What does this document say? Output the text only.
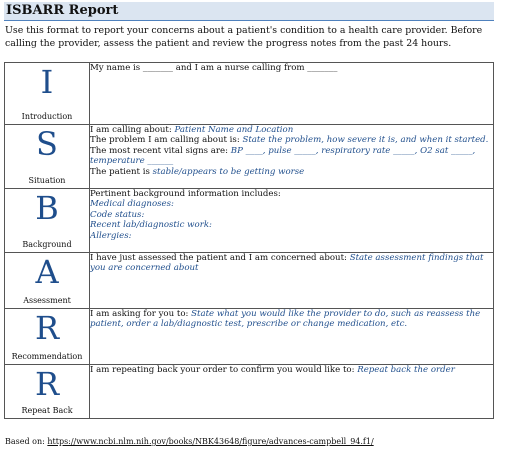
ISBARR Report
Use this format to report your concerns about a patient's condition to a health care provider. Before calling the provider, assess the patient and review the progress notes from the past 24 hours.
I
Introduction	My name is _______ and I am a nurse calling from _______

S
Situation	I am calling about: Patient Name and Location
The problem I am calling about is: State the problem, how severe it is, and when it started.
The most recent vital signs are: BP ____, pulse _____, respiratory rate _____, O2 sat _____, temperature ______
The patient is stable/appears to be getting worse

B
Background	Pertinent background information includes:
Medical diagnoses:
Code status:
Recent lab/diagnostic work:
Allergies:

A
Assessment	I have just assessed the patient and I am concerned about: State assessment findings that you are concerned about

R
Recommendation	I am asking for you to: State what you would like the provider to do, such as reassess the patient, order a lab/diagnostic test, prescribe or change medication, etc.

R
Repeat Back	I am repeating back your order to confirm you would like to: Repeat back the order
Based on: https://www.ncbi.nlm.nih.gov/books/NBK43648/figure/advances-campbell_94.f1/
